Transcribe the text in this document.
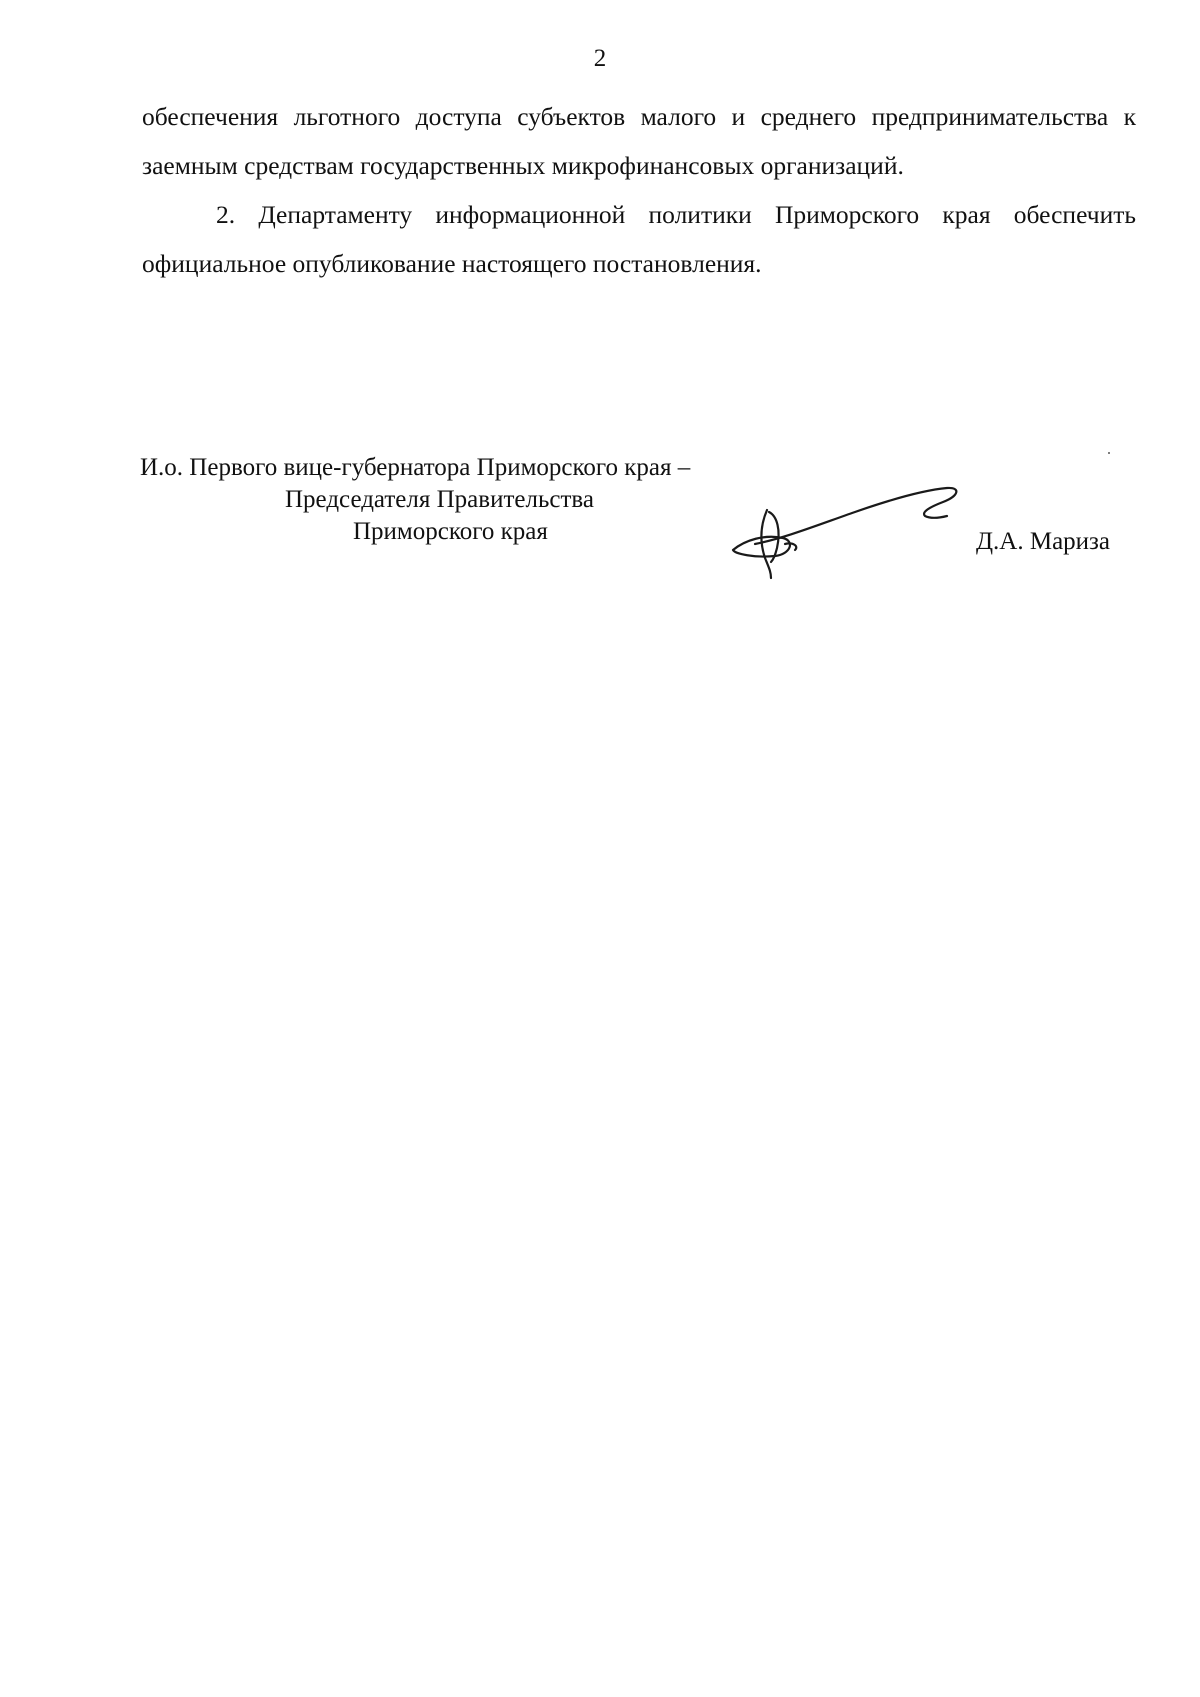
2

обеспечения льготного доступа субъектов малого и среднего предпринимательства к заемным средствам государственных микрофинансовых организаций.

2. Департаменту информационной политики Приморского края обеспечить официальное опубликование настоящего постановления.

И.о. Первого вице-губернатора Приморского края –
Председателя Правительства
Приморского края	Д.А. Мариза
